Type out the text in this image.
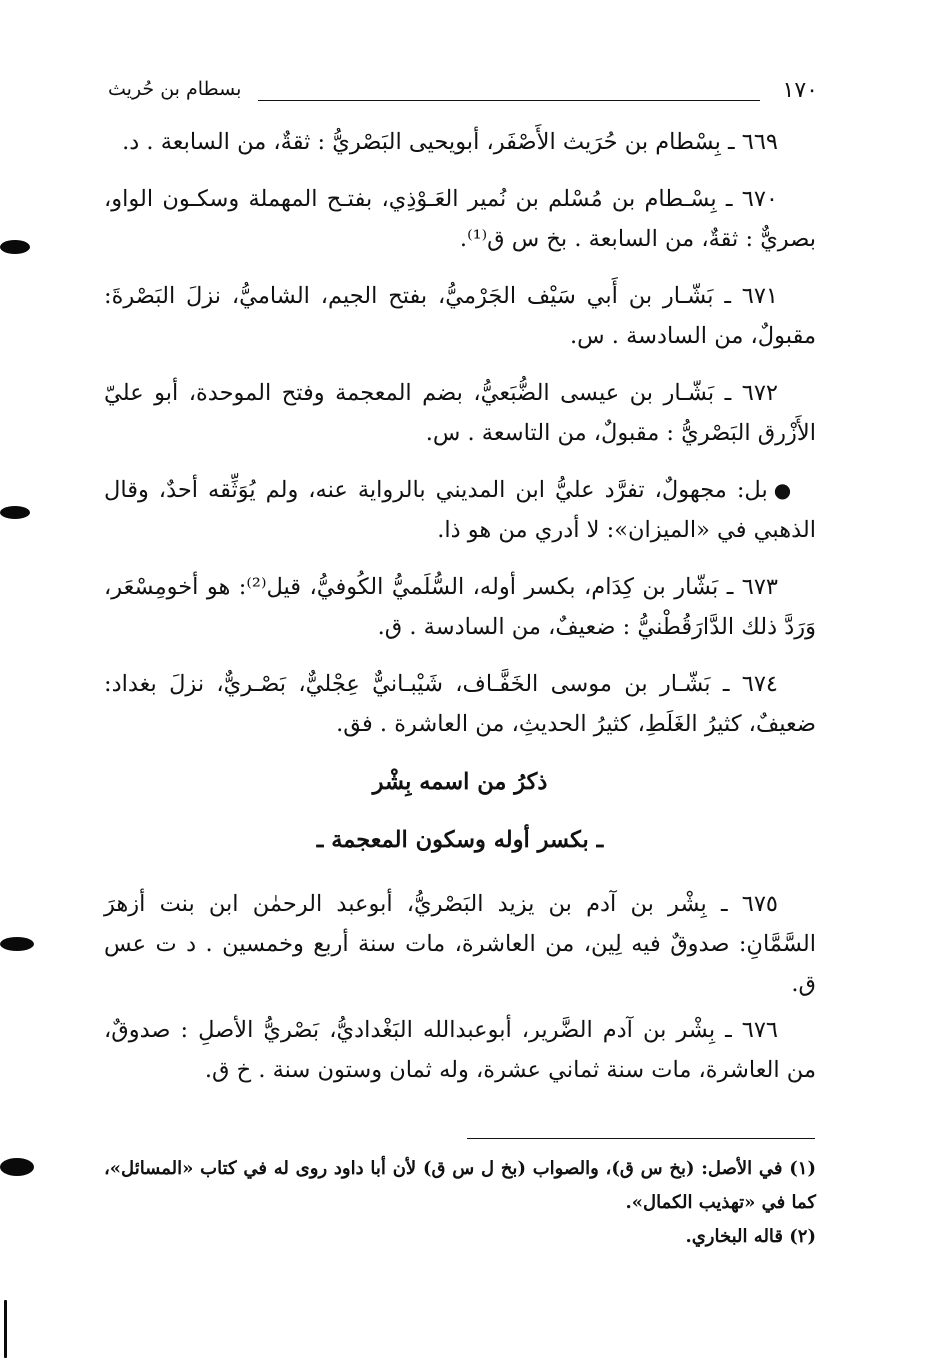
١٧٠
بسطام بن حُريث

٦٦٩ ـ بِسْطام بن حُرَيث الأَصْفَر، أبويحيى البَصْريُّ : ثقةٌ، من السابعة . د.

٦٧٠ ـ بِسْـطام بن مُسْلم بن نُمير العَـوْذِي، بفتـح المهملة وسكـون الواو، بصريٌّ : ثقةٌ، من السابعة . بخ س ق⁽¹⁾.

٦٧١ ـ بَشّـار بن أَبي سَيْف الجَرْميُّ، بفتح الجيم، الشاميُّ، نزلَ البَصْرةَ: مقبولٌ، من السادسة . س.

٦٧٢ ـ بَشّـار بن عيسى الضُّبَعيُّ، بضم المعجمة وفتح الموحدة، أبو عليّ الأَزْرق البَصْريُّ : مقبولٌ، من التاسعة . س.

●بل: مجهولٌ، تفرَّد عليُّ ابن المديني بالرواية عنه، ولم يُوَثِّقه أحدٌ، وقال الذهبي في «الميزان»: لا أدري من هو ذا.

٦٧٣ ـ بَشّار بن كِدَام، بكسر أوله، السُّلَميُّ الكُوفيُّ، قيل⁽²⁾: هو أخومِسْعَر، وَرَدَّ ذلك الدَّارَقُطْنيُّ : ضعيفٌ، من السادسة . ق.

٦٧٤ ـ بَشّـار بن موسى الخَفَّـاف، شَيْبـانيٌّ عِجْليٌّ، بَصْـريٌّ، نزلَ بغداد: ضعيفٌ، كثيرُ الغَلَطِ، كثيرُ الحديثِ، من العاشرة . فق.

ذكرُ من اسمه بِشْر

ـ بكسر أوله وسكون المعجمة ـ

٦٧٥ ـ بِشْر بن آدم بن يزيد البَصْريُّ، أبوعبد الرحمٰن ابن بنت أزهرَ السَّمَّانِ: صدوقٌ فيه لِين، من العاشرة، مات سنة أربع وخمسين . د ت عس ق.

٦٧٦ ـ بِشْر بن آدم الضَّرير، أبوعبدالله البَغْداديُّ، بَصْريُّ الأصلِ : صدوقٌ، من العاشرة، مات سنة ثماني عشرة، وله ثمان وستون سنة . خ ق.

(١) في الأصل: (بخ س ق)، والصواب (بخ ل س ق) لأن أبا داود روى له في كتاب «المسائل»، كما في «تهذيب الكمال».

(٢) قاله البخاري.
